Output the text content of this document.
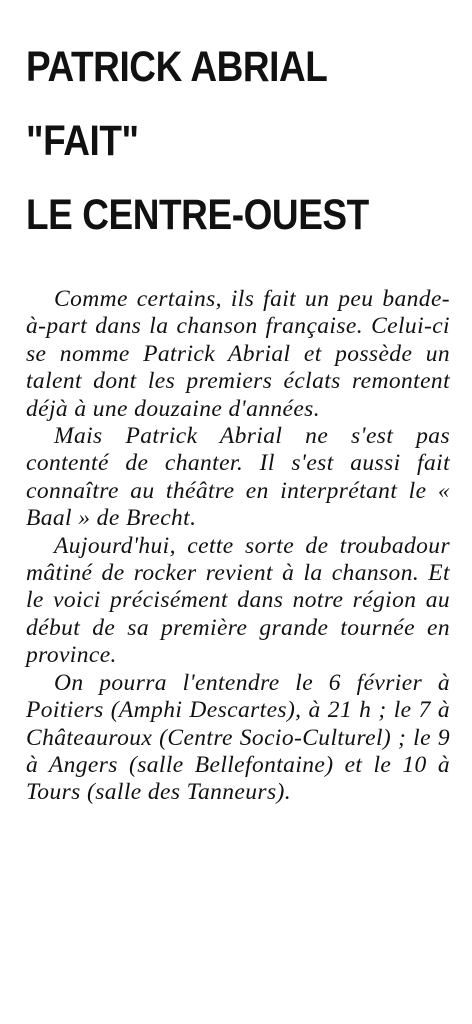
PATRICK ABRIAL
"FAIT"
LE CENTRE-OUEST

Comme certains, ils fait un peu bande-à-part dans la chanson française. Celui-ci se nomme Patrick Abrial et possède un talent dont les premiers éclats remontent déjà à une douzaine d'années.

Mais Patrick Abrial ne s'est pas contenté de chanter. Il s'est aussi fait connaître au théâtre en interprétant le « Baal » de Brecht.

Aujourd'hui, cette sorte de troubadour mâtiné de rocker revient à la chanson. Et le voici précisément dans notre région au début de sa première grande tournée en province.

On pourra l'entendre le 6 février à Poitiers (Amphi Descartes), à 21 h ; le 7 à Châteauroux (Centre Socio-Culturel) ; le 9 à Angers (salle Bellefontaine) et le 10 à Tours (salle des Tanneurs).
